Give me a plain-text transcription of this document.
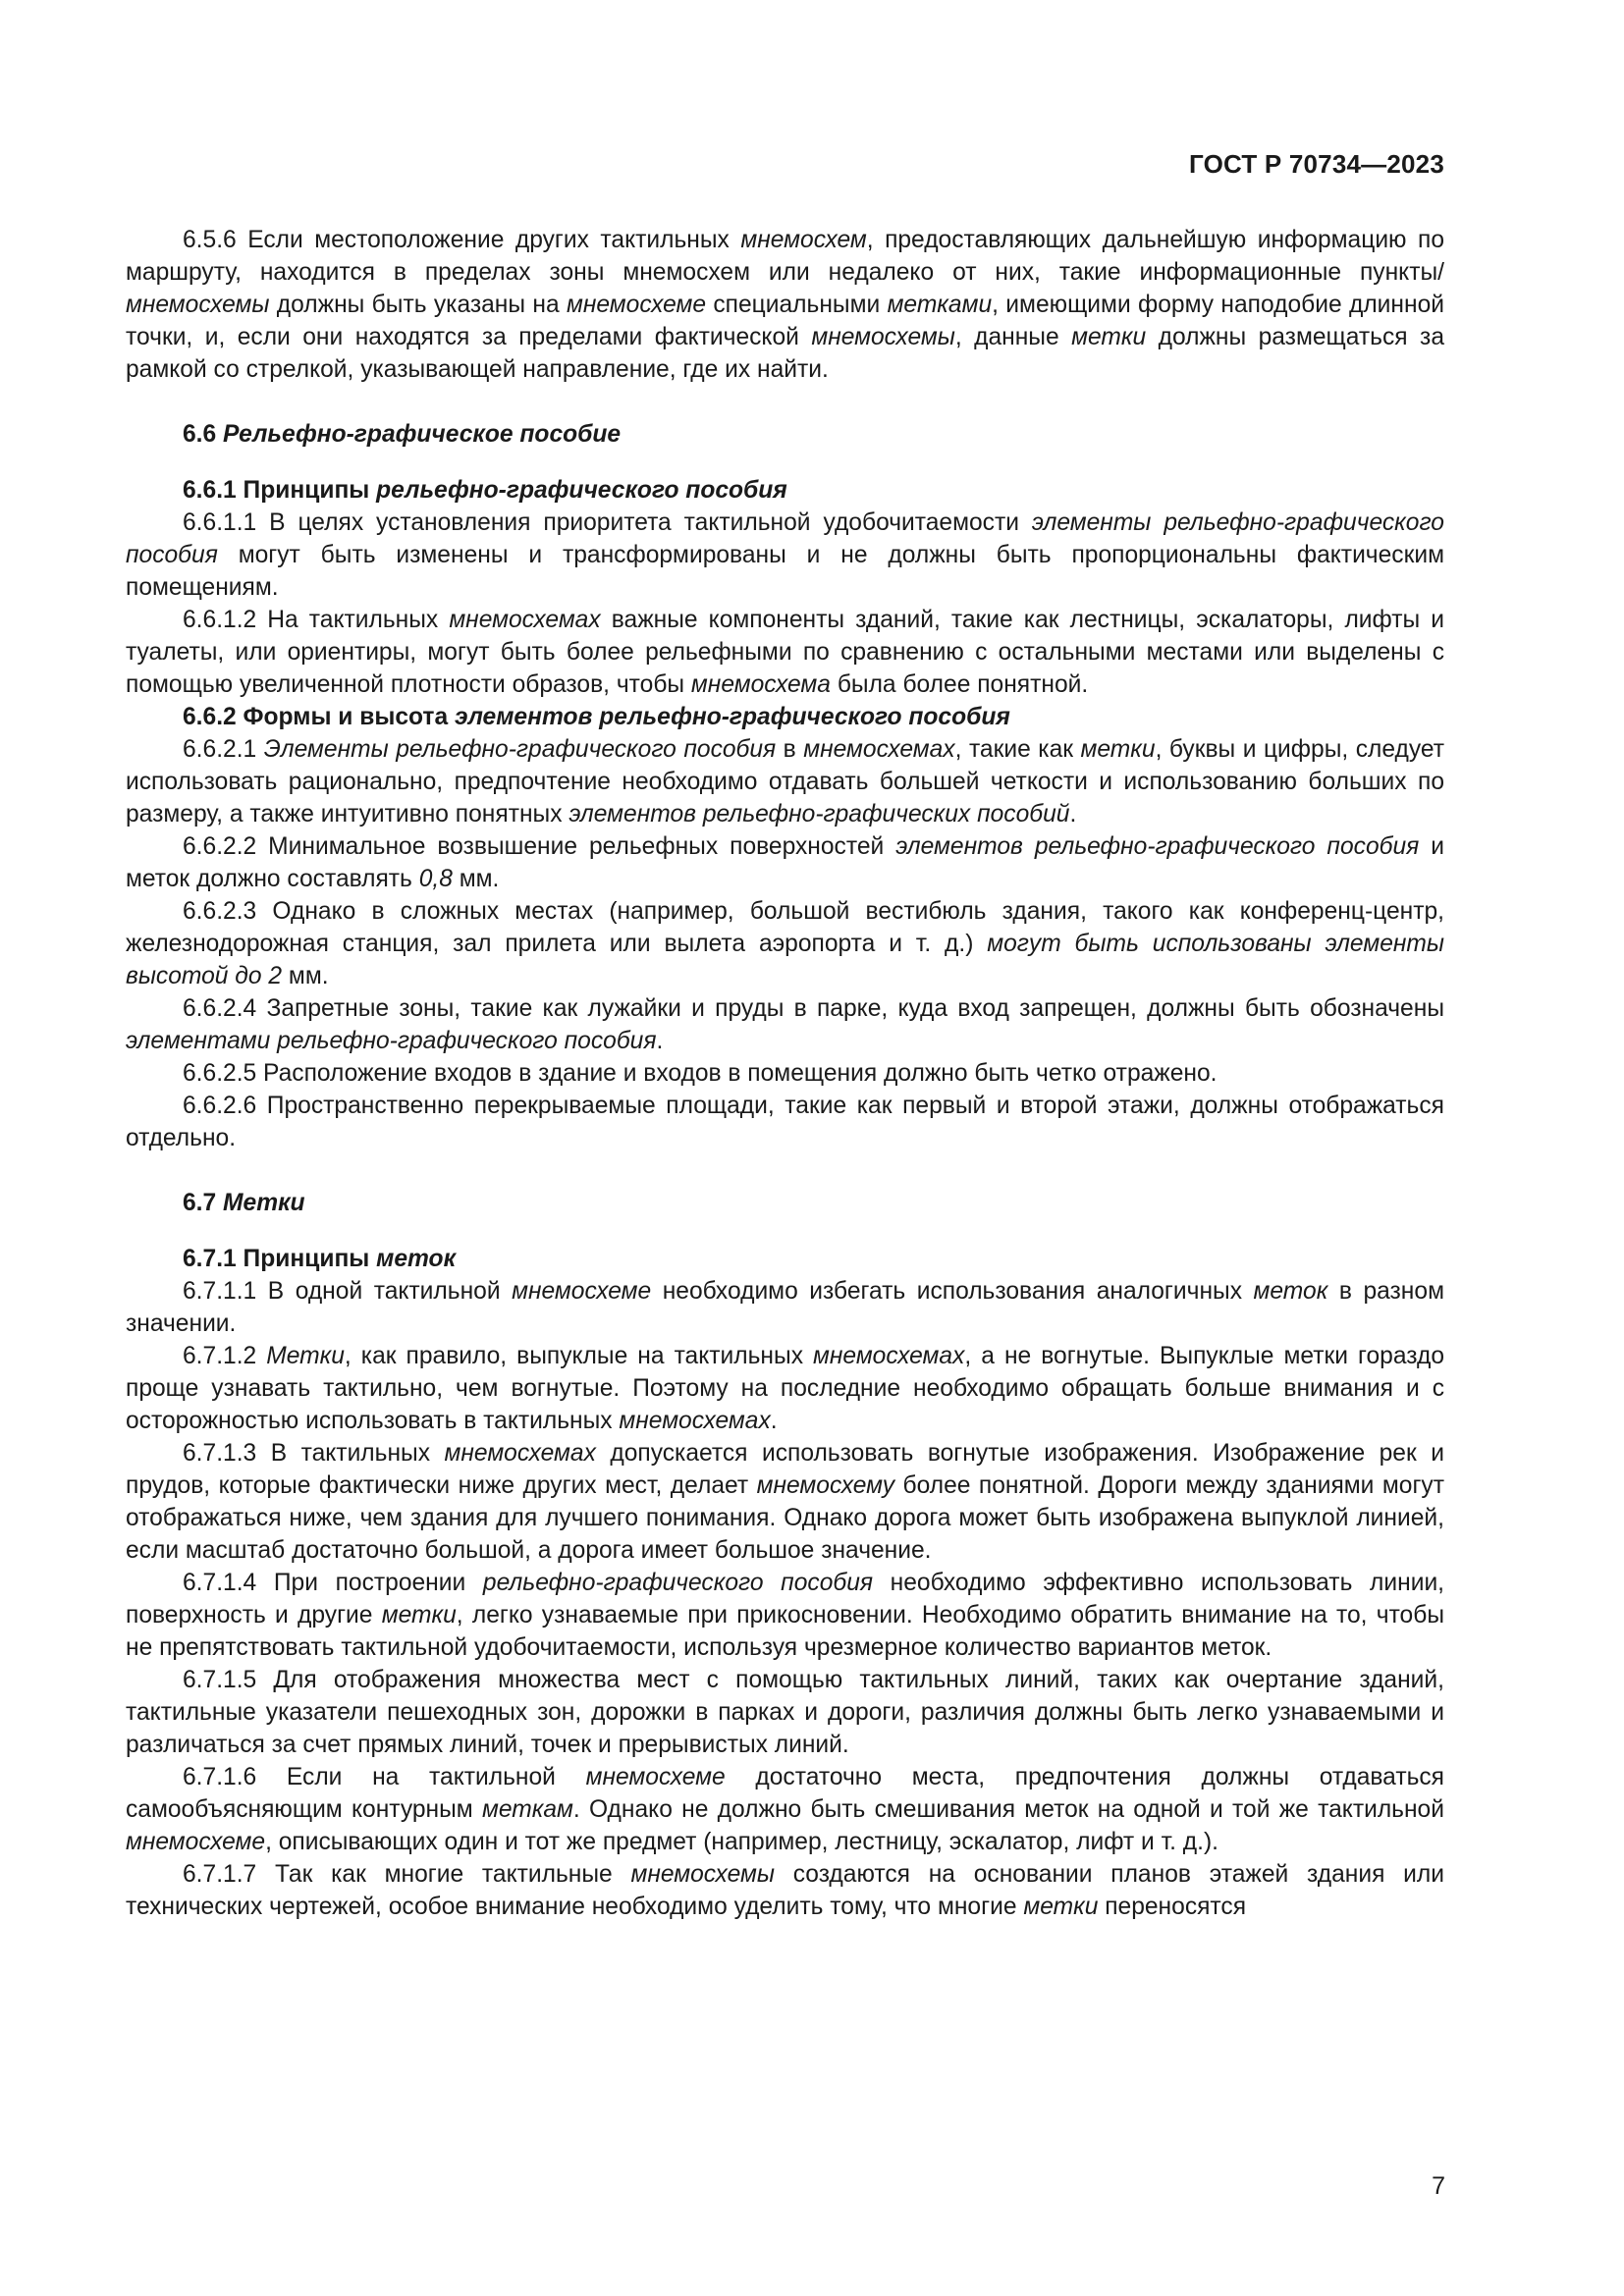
ГОСТ Р 70734—2023

6.5.6 Если местоположение других тактильных мнемосхем, предоставляющих дальнейшую информацию по маршруту, находится в пределах зоны мнемосхем или недалеко от них, такие информационные пункты/мнемосхемы должны быть указаны на мнемосхеме специальными метками, имеющими форму наподобие длинной точки, и, если они находятся за пределами фактической мнемосхемы, данные метки должны размещаться за рамкой со стрелкой, указывающей направление, где их найти.

6.6 Рельефно-графическое пособие
6.6.1 Принципы рельефно-графического пособия

6.6.1.1 В целях установления приоритета тактильной удобочитаемости элементы рельефно-графического пособия могут быть изменены и трансформированы и не должны быть пропорциональны фактическим помещениям.

6.6.1.2 На тактильных мнемосхемах важные компоненты зданий, такие как лестницы, эскалаторы, лифты и туалеты, или ориентиры, могут быть более рельефными по сравнению с остальными местами или выделены с помощью увеличенной плотности образов, чтобы мнемосхема была более понятной.

6.6.2 Формы и высота элементов рельефно-графического пособия

6.6.2.1 Элементы рельефно-графического пособия в мнемосхемах, такие как метки, буквы и цифры, следует использовать рационально, предпочтение необходимо отдавать большей четкости и использованию больших по размеру, а также интуитивно понятных элементов рельефно-графических пособий.

6.6.2.2 Минимальное возвышение рельефных поверхностей элементов рельефно-графического пособия и меток должно составлять 0,8 мм.

6.6.2.3 Однако в сложных местах (например, большой вестибюль здания, такого как конференц-центр, железнодорожная станция, зал прилета или вылета аэропорта и т. д.) могут быть использованы элементы высотой до 2 мм.

6.6.2.4 Запретные зоны, такие как лужайки и пруды в парке, куда вход запрещен, должны быть обозначены элементами рельефно-графического пособия.

6.6.2.5 Расположение входов в здание и входов в помещения должно быть четко отражено.

6.6.2.6 Пространственно перекрываемые площади, такие как первый и второй этажи, должны отображаться отдельно.

6.7 Метки
6.7.1 Принципы меток

6.7.1.1 В одной тактильной мнемосхеме необходимо избегать использования аналогичных меток в разном значении.

6.7.1.2 Метки, как правило, выпуклые на тактильных мнемосхемах, а не вогнутые. Выпуклые метки гораздо проще узнавать тактильно, чем вогнутые. Поэтому на последние необходимо обращать больше внимания и с осторожностью использовать в тактильных мнемосхемах.

6.7.1.3 В тактильных мнемосхемах допускается использовать вогнутые изображения. Изображение рек и прудов, которые фактически ниже других мест, делает мнемосхему более понятной. Дороги между зданиями могут отображаться ниже, чем здания для лучшего понимания. Однако дорога может быть изображена выпуклой линией, если масштаб достаточно большой, а дорога имеет большое значение.

6.7.1.4 При построении рельефно-графического пособия необходимо эффективно использовать линии, поверхность и другие метки, легко узнаваемые при прикосновении. Необходимо обратить внимание на то, чтобы не препятствовать тактильной удобочитаемости, используя чрезмерное количество вариантов меток.

6.7.1.5 Для отображения множества мест с помощью тактильных линий, таких как очертание зданий, тактильные указатели пешеходных зон, дорожки в парках и дороги, различия должны быть легко узнаваемыми и различаться за счет прямых линий, точек и прерывистых линий.

6.7.1.6 Если на тактильной мнемосхеме достаточно места, предпочтения должны отдаваться самообъясняющим контурным меткам. Однако не должно быть смешивания меток на одной и той же тактильной мнемосхеме, описывающих один и тот же предмет (например, лестницу, эскалатор, лифт и т. д.).

6.7.1.7 Так как многие тактильные мнемосхемы создаются на основании планов этажей здания или технических чертежей, особое внимание необходимо уделить тому, что многие метки переносятся

7
